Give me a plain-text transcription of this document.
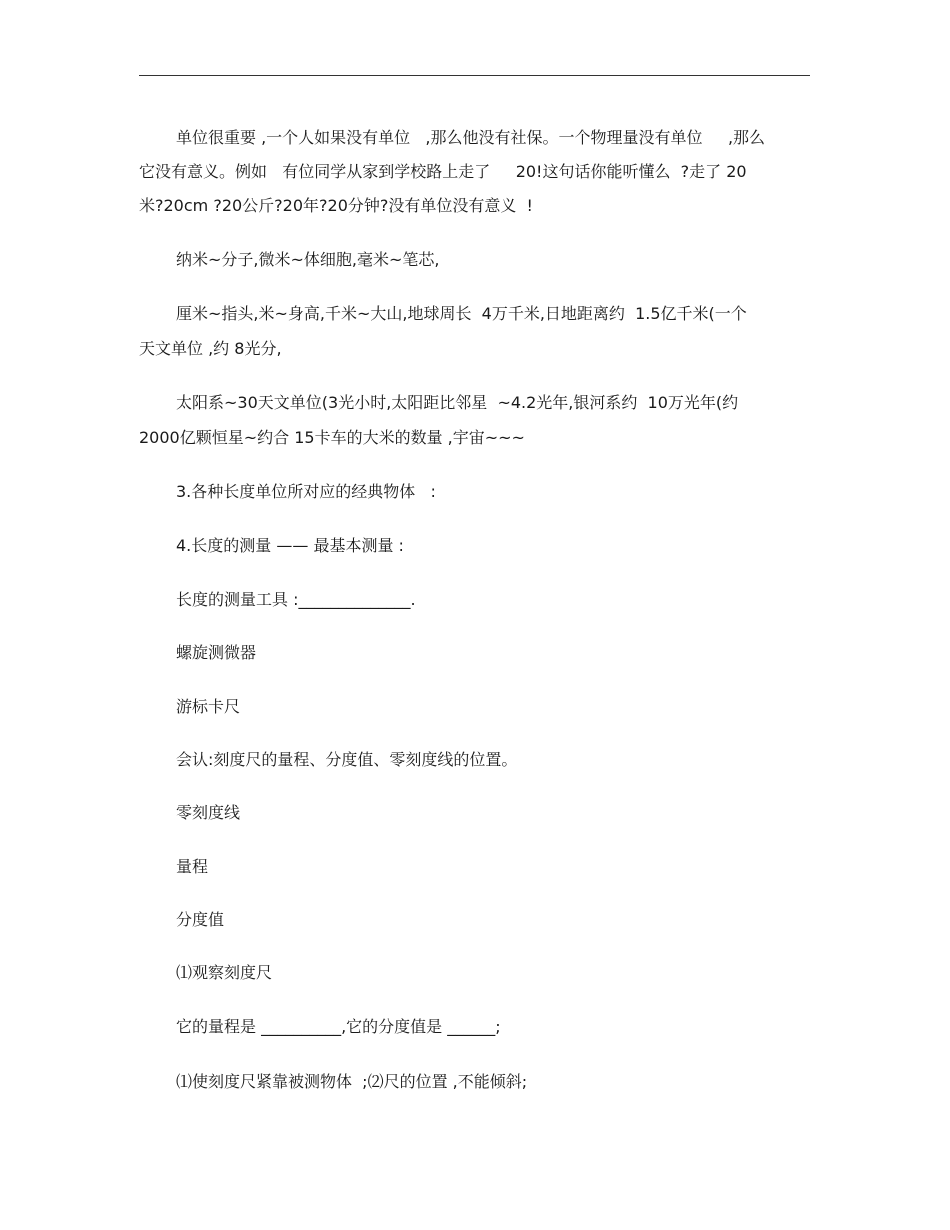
单位很重要 ,一个人如果没有单位   ,那么他没有社保。一个物理量没有单位     ,那么
它没有意义。例如   有位同学从家到学校路上走了     20!这句话你能听懂么  ?走了 20
米?20cm ?20公斤?20年?20分钟?没有单位没有意义  !
纳米~分子,微米~体细胞,毫米~笔芯,
厘米~指头,米~身高,千米~大山,地球周长  4万千米,日地距离约  1.5亿千米(一个
天文单位 ,约 8光分,
太阳系~30天文单位(3光小时,太阳距比邻星  ~4.2光年,银河系约  10万光年(约
2000亿颗恒星~约合 15卡车的大米的数量 ,宇宙~~~
3.各种长度单位所对应的经典物体   :
4.长度的测量 —— 最基本测量 :
长度的测量工具 :______________.
螺旋测微器
游标卡尺
会认:刻度尺的量程、分度值、零刻度线的位置。
零刻度线
量程
分度值
⑴观察刻度尺
它的量程是 __________,它的分度值是 ______;
⑴使刻度尺紧靠被测物体  ;⑵尺的位置 ,不能倾斜;
